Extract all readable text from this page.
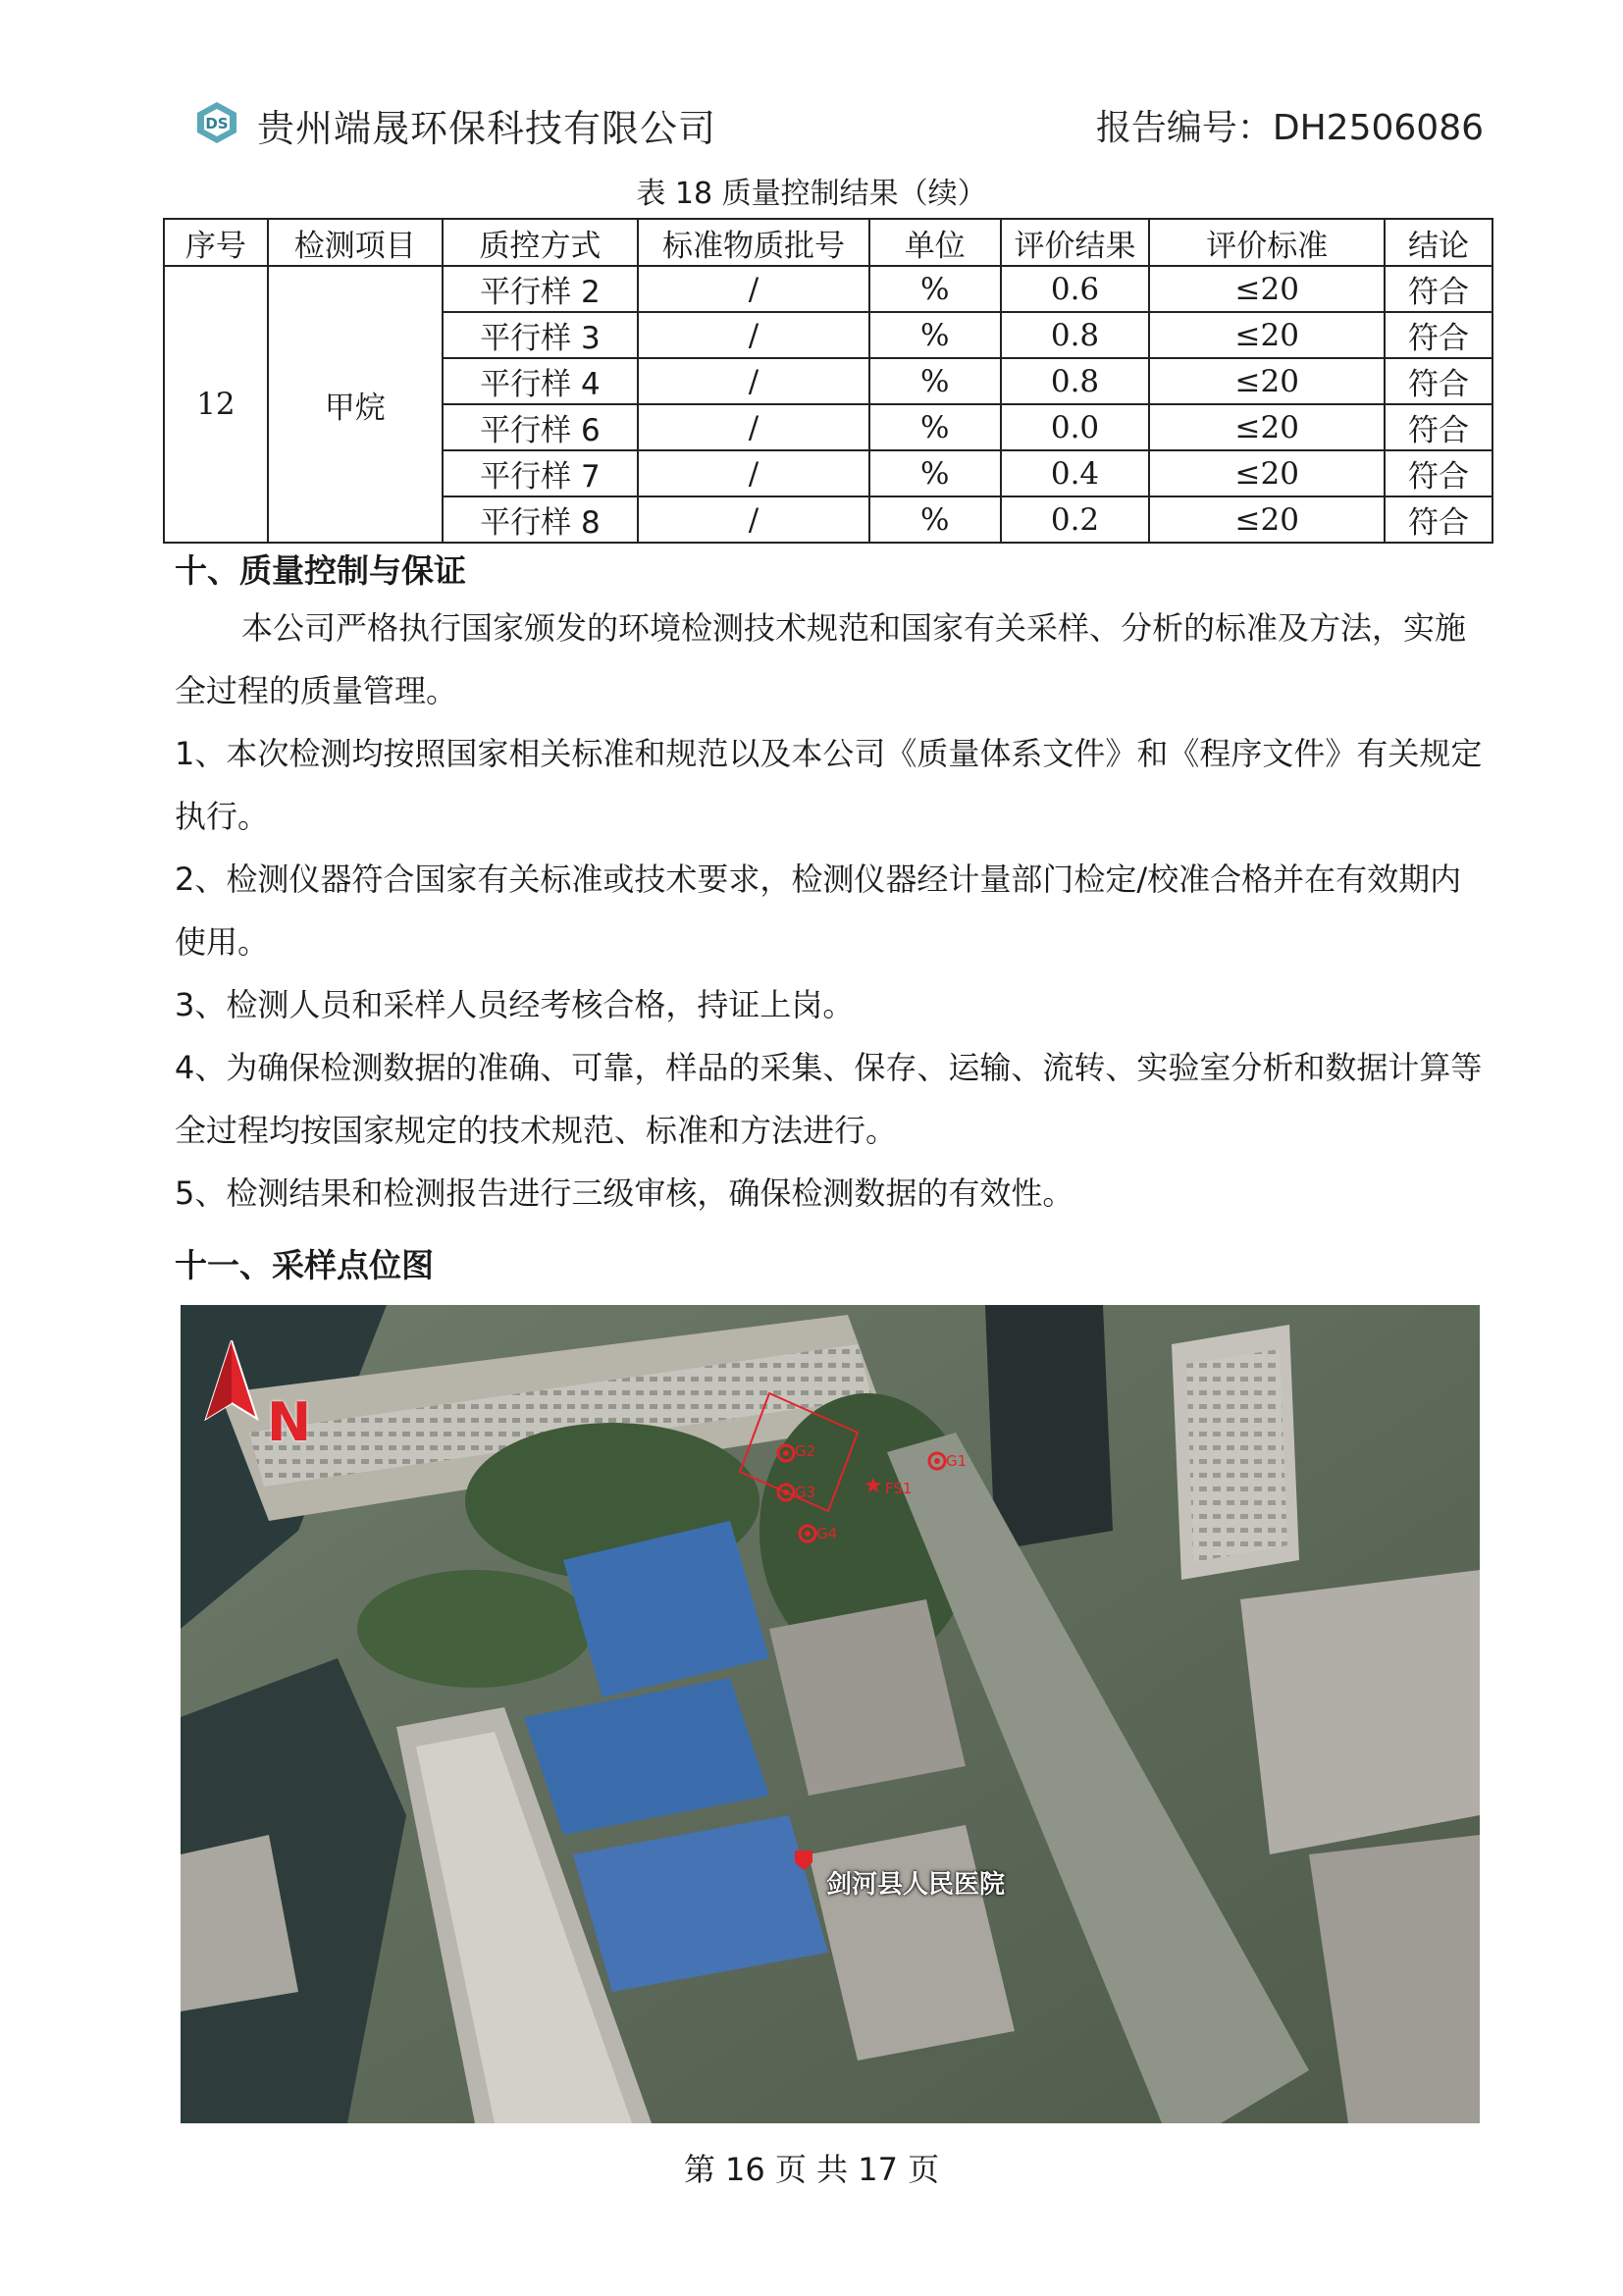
DS 贵州端晟环保科技有限公司	报告编号：DH2506086
表 18 质量控制结果（续）
序号	检测项目	质控方式	标准物质批号	单位	评价结果	评价标准	结论
12	甲烷	平行样 2	/	%	0.6	≤20	符合
		平行样 3	/	%	0.8	≤20	符合
		平行样 4	/	%	0.8	≤20	符合
		平行样 6	/	%	0.0	≤20	符合
		平行样 7	/	%	0.4	≤20	符合
		平行样 8	/	%	0.2	≤20	符合
十、质量控制与保证
本公司严格执行国家颁发的环境检测技术规范和国家有关采样、分析的标准及方法，实施全过程的质量管理。
1、本次检测均按照国家相关标准和规范以及本公司《质量体系文件》和《程序文件》有关规定执行。
2、检测仪器符合国家有关标准或技术要求，检测仪器经计量部门检定/校准合格并在有效期内使用。
3、检测人员和采样人员经考核合格，持证上岗。
4、为确保检测数据的准确、可靠，样品的采集、保存、运输、流转、实验室分析和数据计算等全过程均按国家规定的技术规范、标准和方法进行。
5、检测结果和检测报告进行三级审核，确保检测数据的有效性。
十一、采样点位图
N	G2
G3
G4
G1
★ FS1
剑河县人民医院
第 16 页 共 17 页
